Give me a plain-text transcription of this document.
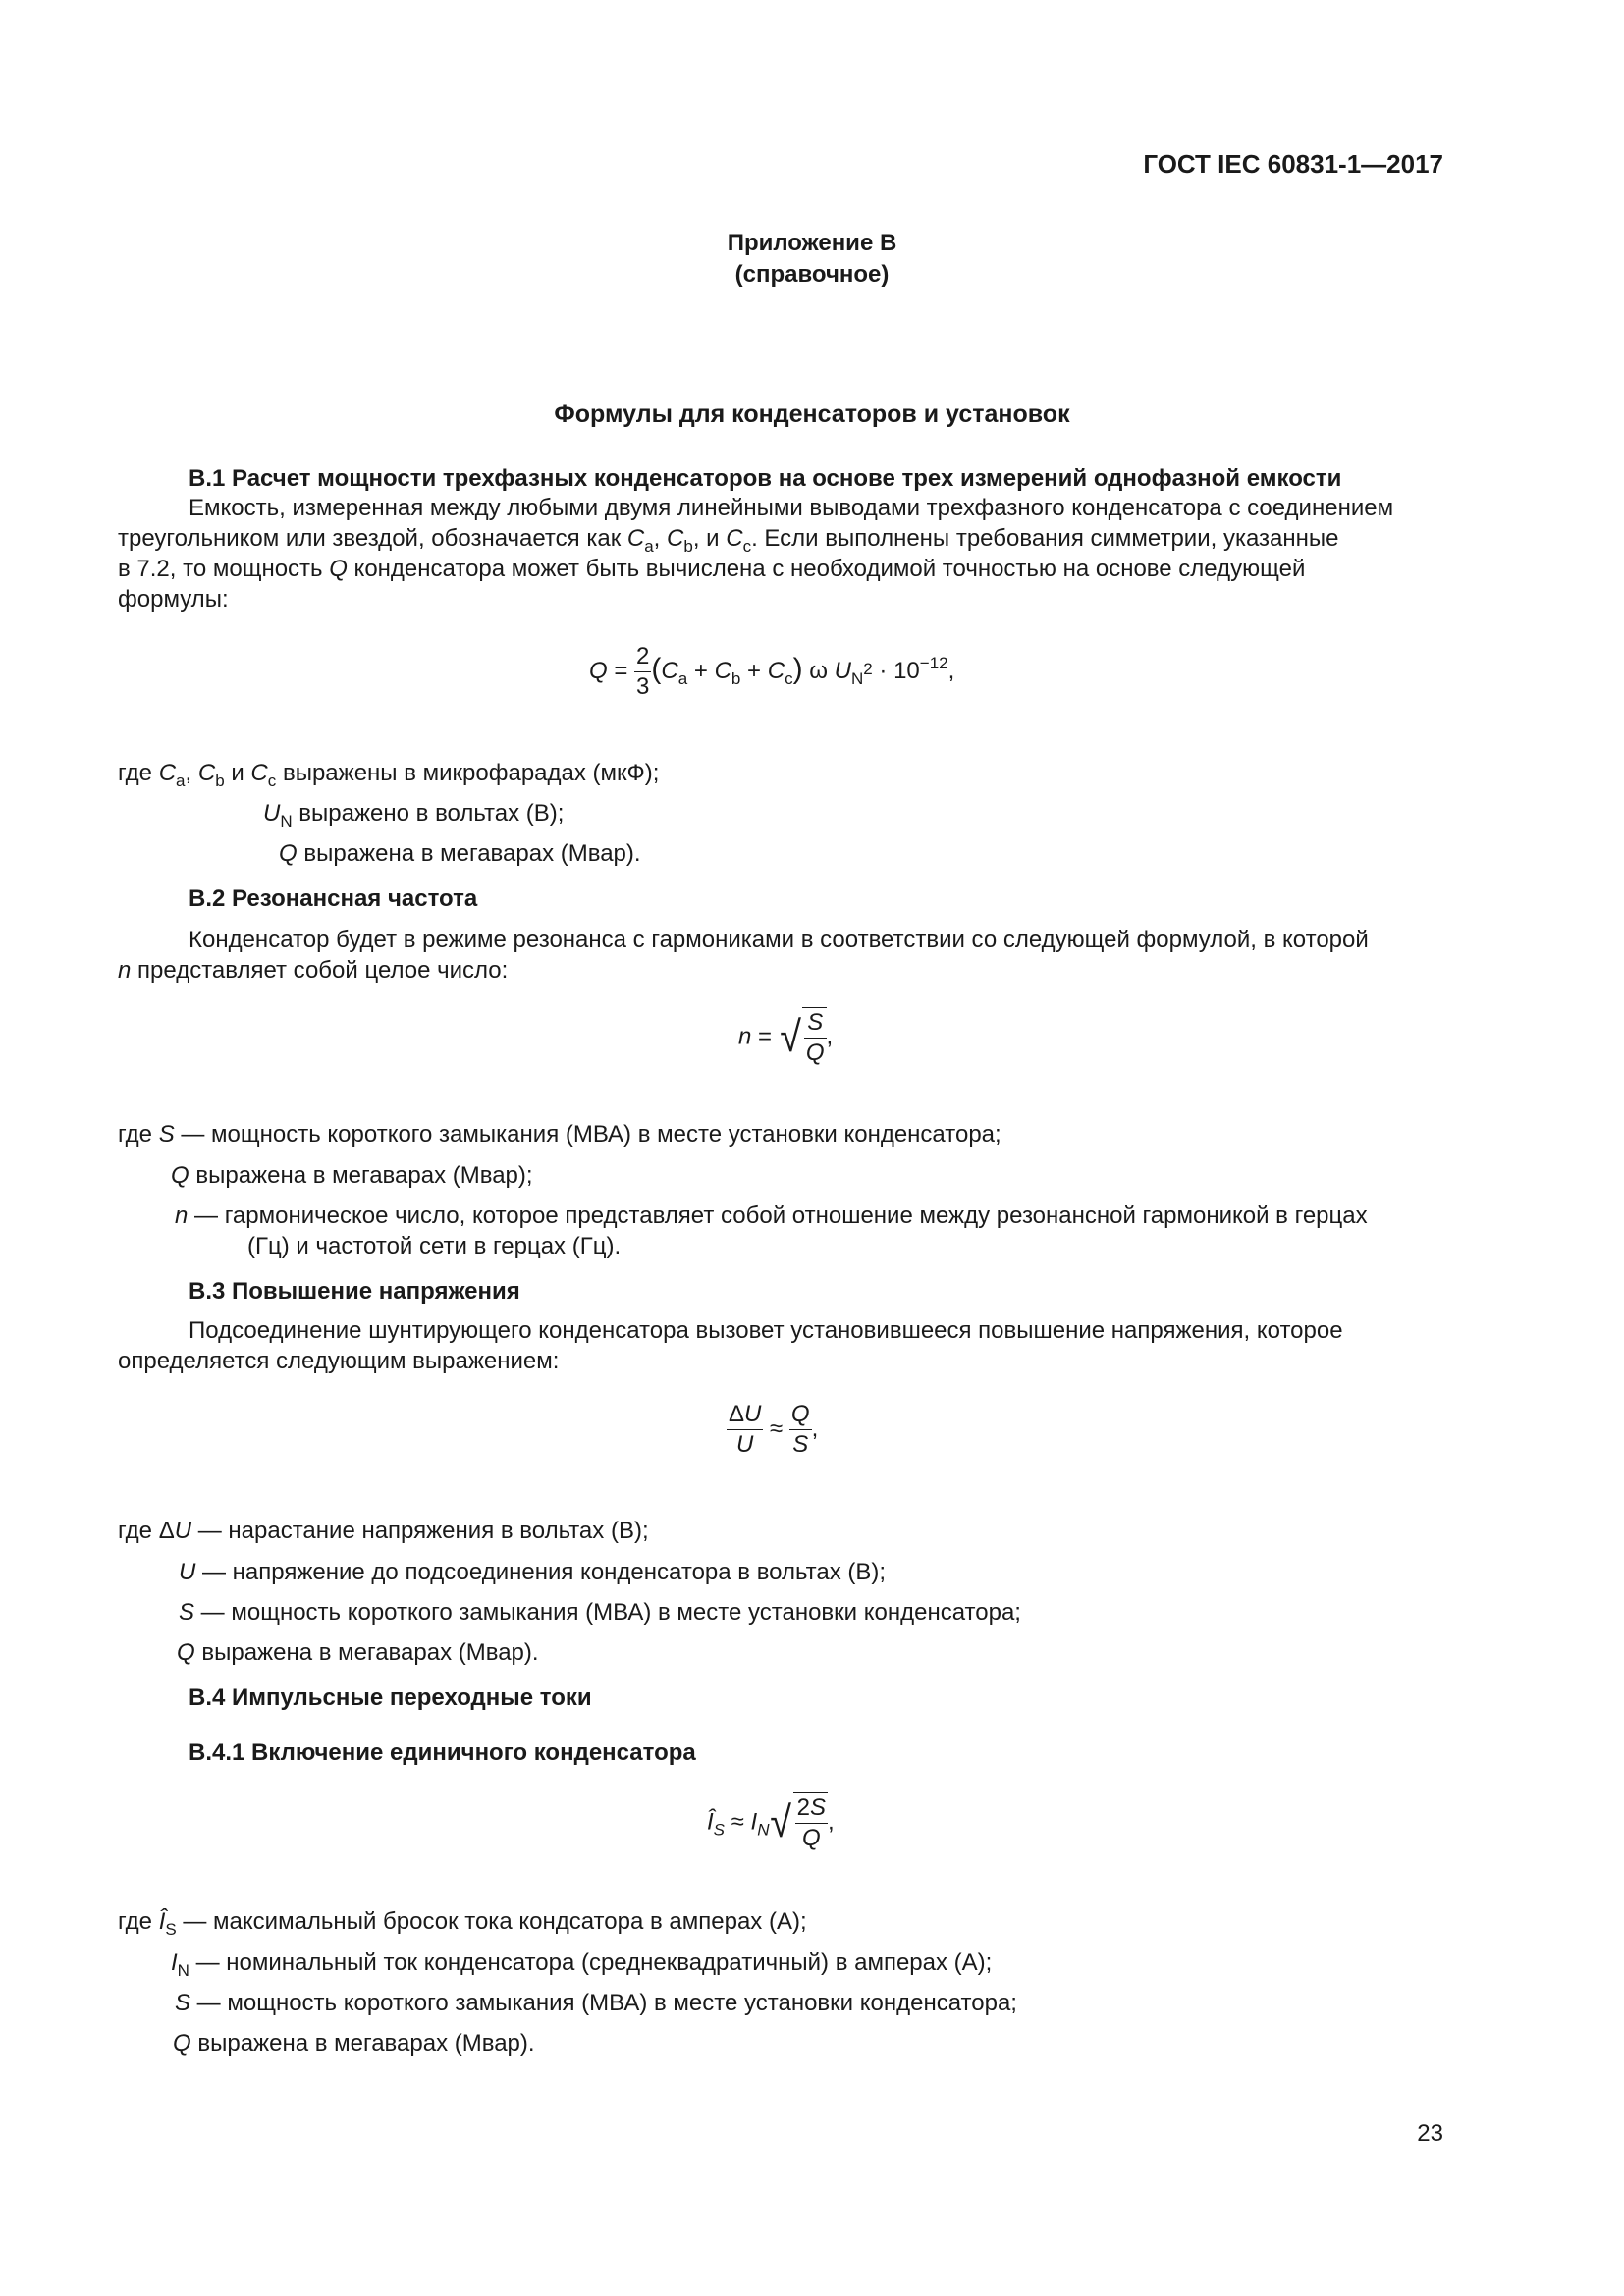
ГОСТ IEC 60831-1—2017
Приложение В
(справочное)
Формулы для конденсаторов и установок
В.1 Расчет мощности трехфазных конденсаторов на основе трех измерений однофазной емкости
Емкость, измеренная между любыми двумя линейными выводами трехфазного конденсатора с соединением
треугольником или звездой, обозначается как $C_a$, $C_b$, и $C_c$. Если выполнены требования симметрии, указанные
в 7.2, то мощность Q конденсатора может быть вычислена с необходимой точностью на основе следующей
формулы:
$Q = \frac{2}{3} (C_a + C_b + C_c)$ ω $U_N^2 \cdot 10^{-12}$,
где $C_a$, $C_b$ и $C_c$ выражены в микрофарадах (мкФ);
$U_N$ выражено в вольтах (В);
Q выражена в мегаварах (Мвар).
В.2 Резонансная частота
Конденсатор будет в режиме резонанса с гармониками в соответствии со следующей формулой, в которой
n представляет собой целое число:
n = √ $\frac{S}{Q}$ ,
где S — мощность короткого замыкания (МВА) в месте установки конденсатора;
Q выражена в мегаварах (Мвар);
n — гармоническое число, которое представляет собой отношение между резонансной гармоникой в герцах
(Гц) и частотой сети в герцах (Гц).
В.3 Повышение напряжения
Подсоединение шунтирующего конденсатора вызовет установившееся повышение напряжения, которое
определяется следующим выражением:
$\frac{\Delta U}{U} \approx \frac{Q}{S}$ ,
где ΔU — нарастание напряжения в вольтах (В);
U — напряжение до подсоединения конденсатора в вольтах (В);
S — мощность короткого замыкания (МВА) в месте установки конденсатора;
Q выражена в мегаварах (Мвар).
В.4 Импульсные переходные токи
В.4.1 Включение единичного конденсатора
$Î_S \approx I_N√ \frac{2S}{Q}$ ,
где $Î_S$ — максимальный бросок тока кондсатора в амперах (А);
$I_N$ — номинальный ток конденсатора (среднеквадратичный) в амперах (А);
S — мощность короткого замыкания (МВА) в месте установки конденсатора;
Q выражена в мегаварах (Мвар).
23
